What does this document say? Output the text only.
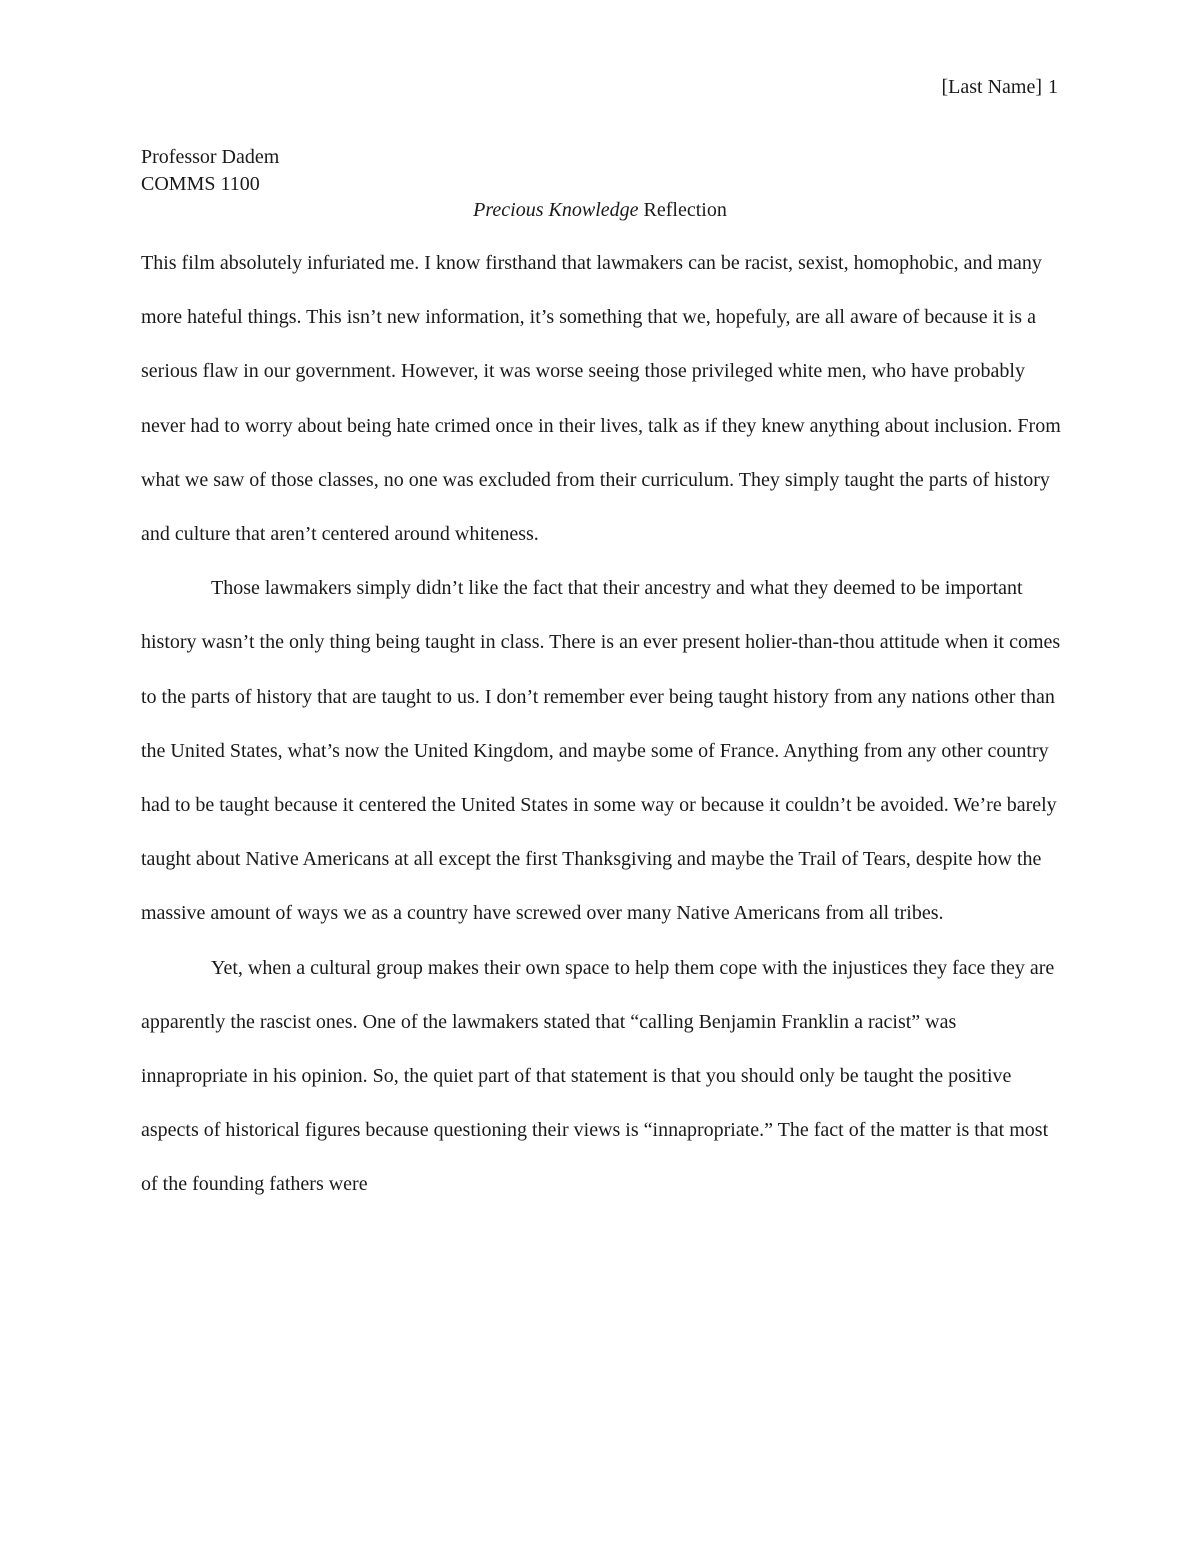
[Last Name] 1
Professor Dadem
COMMS 1100
Precious Knowledge Reflection

This film absolutely infuriated me. I know firsthand that lawmakers can be racist, sexist, homophobic, and many more hateful things. This isn’t new information, it’s something that we, hopefuly, are all aware of because it is a serious flaw in our government. However, it was worse seeing those privileged white men, who have probably never had to worry about being hate crimed once in their lives, talk as if they knew anything about inclusion. From what we saw of those classes, no one was excluded from their curriculum. They simply taught the parts of history and culture that aren’t centered around whiteness.

Those lawmakers simply didn’t like the fact that their ancestry and what they deemed to be important history wasn’t the only thing being taught in class. There is an ever present holier-than-thou attitude when it comes to the parts of history that are taught to us. I don’t remember ever being taught history from any nations other than the United States, what’s now the United Kingdom, and maybe some of France. Anything from any other country had to be taught because it centered the United States in some way or because it couldn’t be avoided. We’re barely taught about Native Americans at all except the first Thanksgiving and maybe the Trail of Tears, despite how the massive amount of ways we as a country have screwed over many Native Americans from all tribes.

Yet, when a cultural group makes their own space to help them cope with the injustices they face they are apparently the rascist ones. One of the lawmakers stated that “calling Benjamin Franklin a racist” was innapropriate in his opinion. So, the quiet part of that statement is that you should only be taught the positive aspects of historical figures because questioning their views is “innapropriate.” The fact of the matter is that most of the founding fathers were
